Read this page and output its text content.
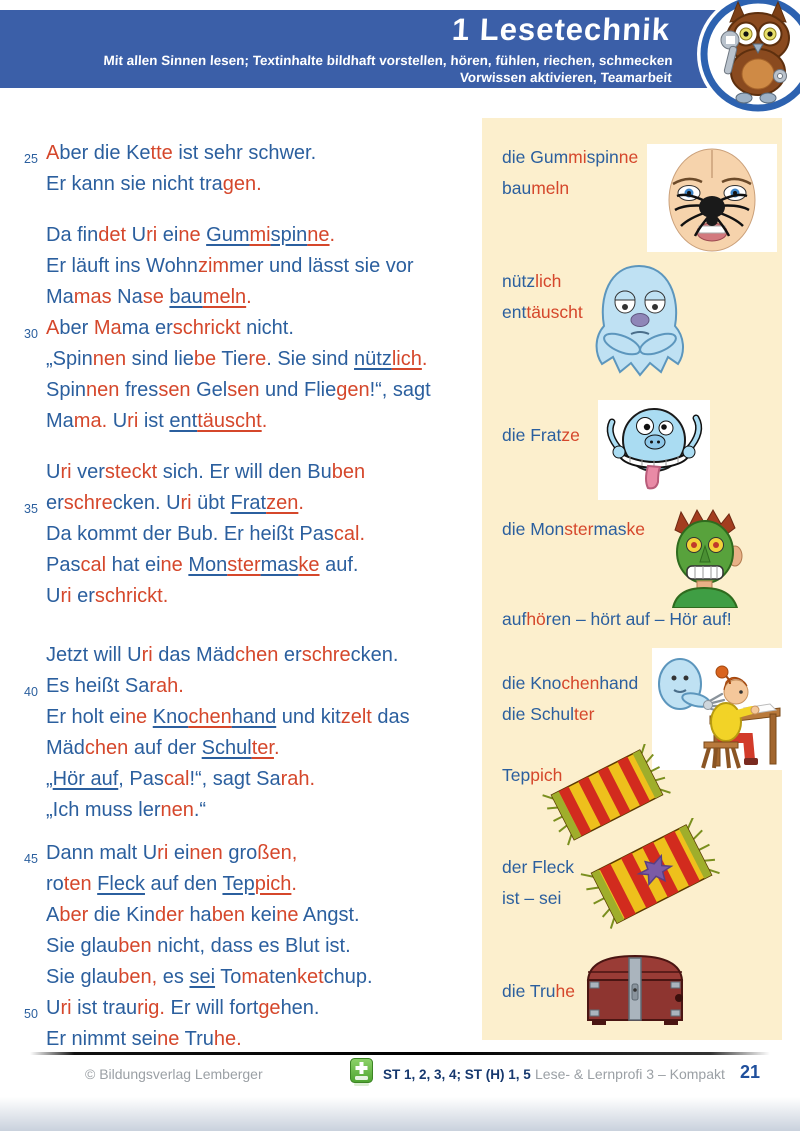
1 Lesetechnik
Mit allen Sinnen lesen; Textinhalte bildhaft vorstellen, hören, fühlen, riechen, schmecken
Vorwissen aktivieren, Teamarbeit
25 Aber die Kette ist sehr schwer.
Er kann sie nicht tragen.
Da findet Uri eine Gummispinne.
Er läuft ins Wohnzimmer und lässt sie vor
Mamas Nase baumeln.
30 Aber Mama erschrickt nicht.
„Spinnen sind liebe Tiere. Sie sind nützlich.
Spinnen fressen Gelsen und Fliegen!“, sagt
Mama. Uri ist enttäuscht.
Uri versteckt sich. Er will den Buben
35 erschrecken. Uri übt Fratzen.
Da kommt der Bub. Er heißt Pascal.
Pascal hat eine Monstermaske auf.
Uri erschrickt.
Jetzt will Uri das Mädchen erschrecken.
40 Es heißt Sarah.
Er holt eine Knochenhand und kitzelt das
Mädchen auf der Schulter.
„Hör auf, Pascal!“, sagt Sarah.
„Ich muss lernen.“
45 Dann malt Uri einen großen,
roten Fleck auf den Teppich.
Aber die Kinder haben keine Angst.
Sie glauben nicht, dass es Blut ist.
Sie glauben, es sei Tomatenketchup.
50 Uri ist traurig. Er will fortgehen.
Er nimmt seine Truhe.
die Gummispinne
baumeln
nützlich
enttäuscht
die Fratze
die Monstermaske
aufhören – hört auf – Hör auf!
die Knochenhand
die Schulter
Teppich
der Fleck
ist – sei
die Truhe
© Bildungsverlag Lemberger	ST 1, 2, 3, 4; ST (H) 1, 5 Lese- & Lernprofi 3 – Kompakt 21
